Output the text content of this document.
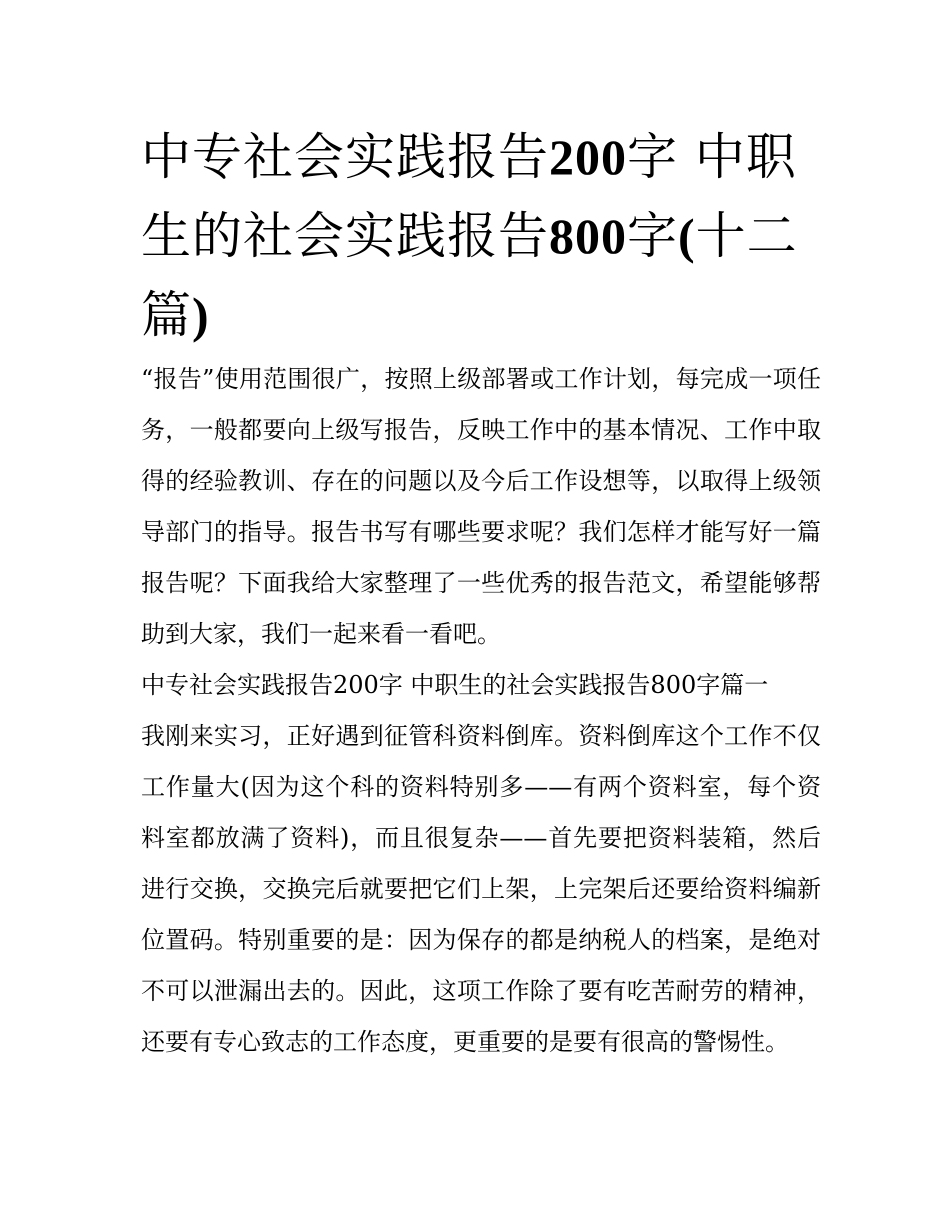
中专社会实践报告200字 中职生的社会实践报告800字(十二篇)

“报告”使用范围很广，按照上级部署或工作计划，每完成一项任务，一般都要向上级写报告，反映工作中的基本情况、工作中取得的经验教训、存在的问题以及今后工作设想等，以取得上级领导部门的指导。报告书写有哪些要求呢？我们怎样才能写好一篇报告呢？下面我给大家整理了一些优秀的报告范文，希望能够帮助到大家，我们一起来看一看吧。

中专社会实践报告200字 中职生的社会实践报告800字篇一

我刚来实习，正好遇到征管科资料倒库。资料倒库这个工作不仅工作量大(因为这个科的资料特别多——有两个资料室，每个资料室都放满了资料)，而且很复杂——首先要把资料装箱，然后进行交换，交换完后就要把它们上架，上完架后还要给资料编新位置码。特别重要的是：因为保存的都是纳税人的档案，是绝对不可以泄漏出去的。因此，这项工作除了要有吃苦耐劳的精神，还要有专心致志的工作态度，更重要的是要有很高的警惕性。
